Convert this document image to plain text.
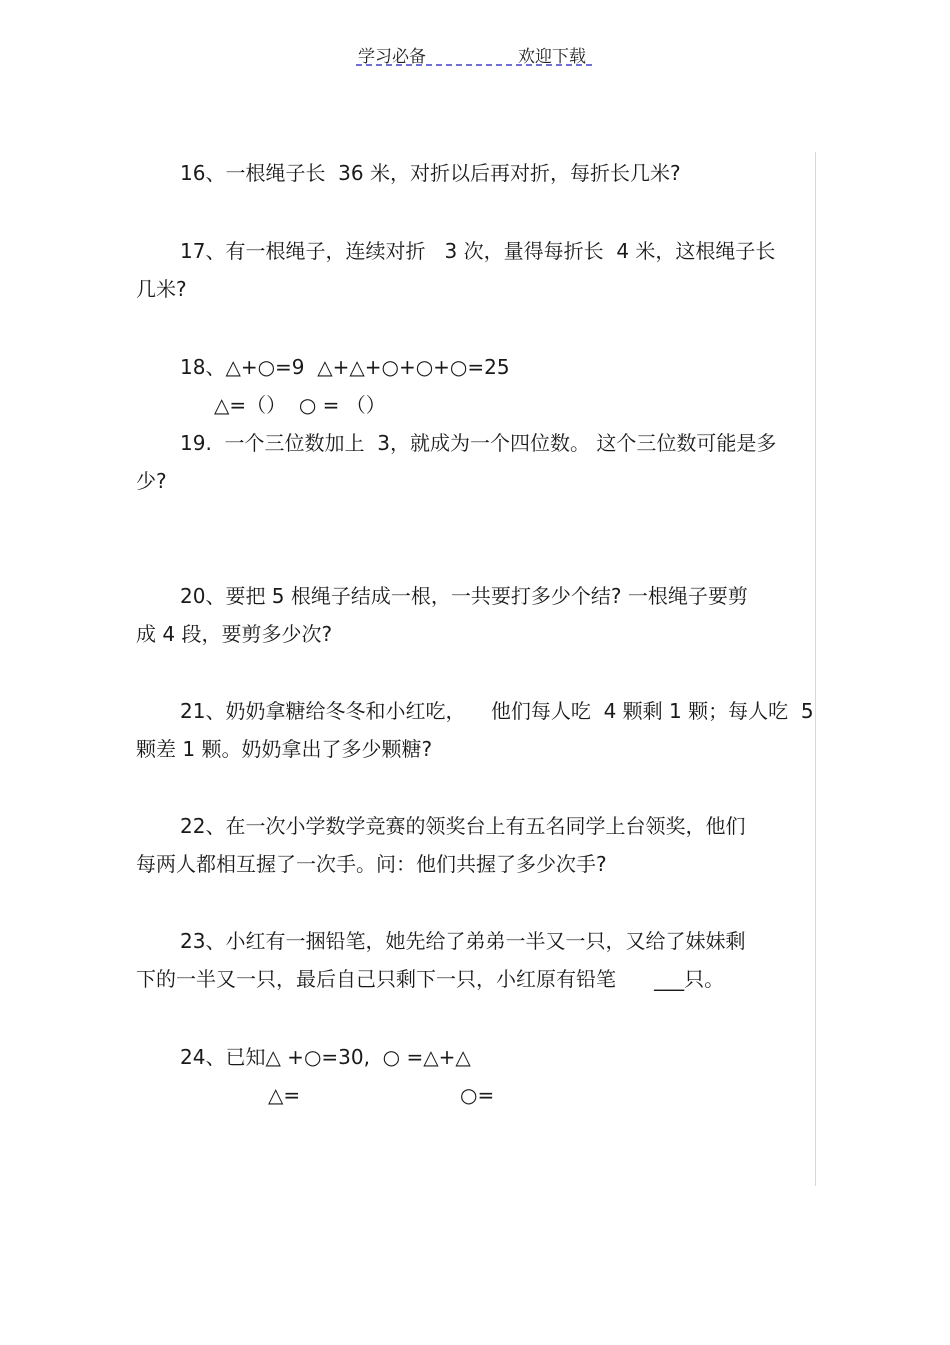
学习必备	欢迎下载
16、一根绳子长  36 米，对折以后再对折，每折长几米?
17、有一根绳子，连续对折   3 次，量得每折长  4 米，这根绳子长
几米?
18、△+○=9  △+△+○+○+○=25
△=（）  ○ = （）
19.  一个三位数加上  3，就成为一个四位数。 这个三位数可能是多
少?
20、要把 5 根绳子结成一根，一共要打多少个结? 一根绳子要剪
成 4 段，要剪多少次?
21、奶奶拿糖给冬冬和小红吃，    他们每人吃  4 颗剩 1 颗；每人吃  5
颗差 1 颗。奶奶拿出了多少颗糖?
22、在一次小学数学竞赛的领奖台上有五名同学上台领奖，他们
每两人都相互握了一次手。问：他们共握了多少次手?
23、小红有一捆铅笔，她先给了弟弟一半又一只，又给了妹妹剩
下的一半又一只，最后自己只剩下一只，小红原有铅笔      ___只。
24、已知△ +○=30,  ○ =△+△
△=	○=
